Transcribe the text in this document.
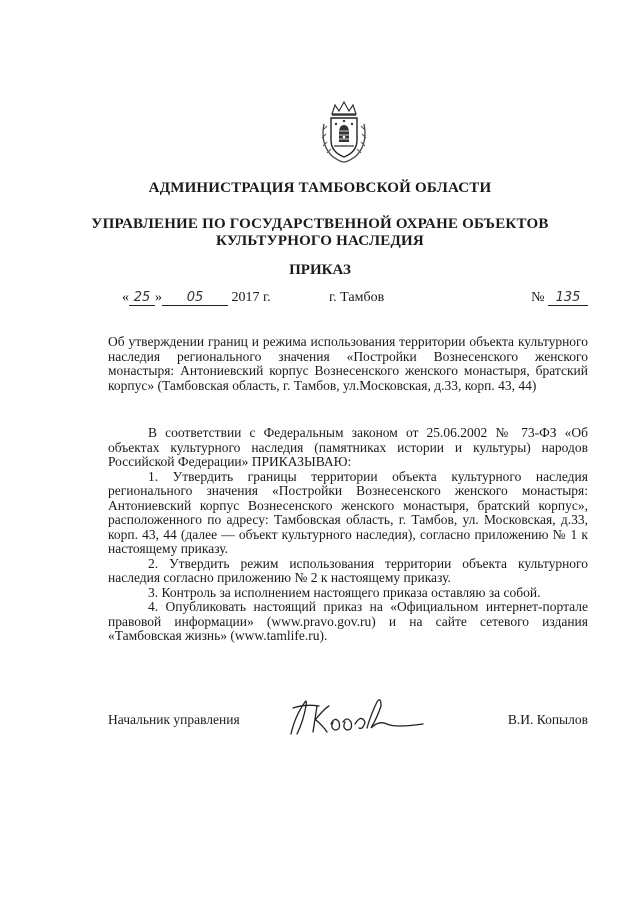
АДМИНИСТРАЦИЯ ТАМБОВСКОЙ ОБЛАСТИ
УПРАВЛЕНИЕ ПО ГОСУДАРСТВЕННОЙ ОХРАНЕ ОБЪЕКТОВ
КУЛЬТУРНОГО НАСЛЕДИЯ
ПРИКАЗ
« 25 » 05 2017 г.	г. Тамбов	№ 135
Об утверждении границ и режима использования территории объекта культурного наследия регионального значения «Постройки Вознесенского женского монастыря: Антониевский корпус Вознесенского женского монастыря, братский корпус» (Тамбовская область, г. Тамбов, ул.Московская, д.33, корп. 43, 44)

В соответствии с Федеральным законом от 25.06.2002 № 73-ФЗ «Об объектах культурного наследия (памятниках истории и культуры) народов Российской Федерации» ПРИКАЗЫВАЮ:

1. Утвердить границы территории объекта культурного наследия регионального значения «Постройки Вознесенского женского монастыря: Антониевский корпус Вознесенского женского монастыря, братский корпус», расположенного по адресу: Тамбовская область, г. Тамбов, ул. Московская, д.33, корп. 43, 44 (далее — объект культурного наследия), согласно приложению № 1 к настоящему приказу.

2. Утвердить режим использования территории объекта культурного наследия согласно приложению № 2 к настоящему приказу.

3. Контроль за исполнением настоящего приказа оставляю за собой.

4. Опубликовать настоящий приказ на «Официальном интернет-портале правовой информации» (www.pravo.gov.ru) и на сайте сетевого издания «Тамбовская жизнь» (www.tamlife.ru).

Начальник управления	В.И. Копылов
